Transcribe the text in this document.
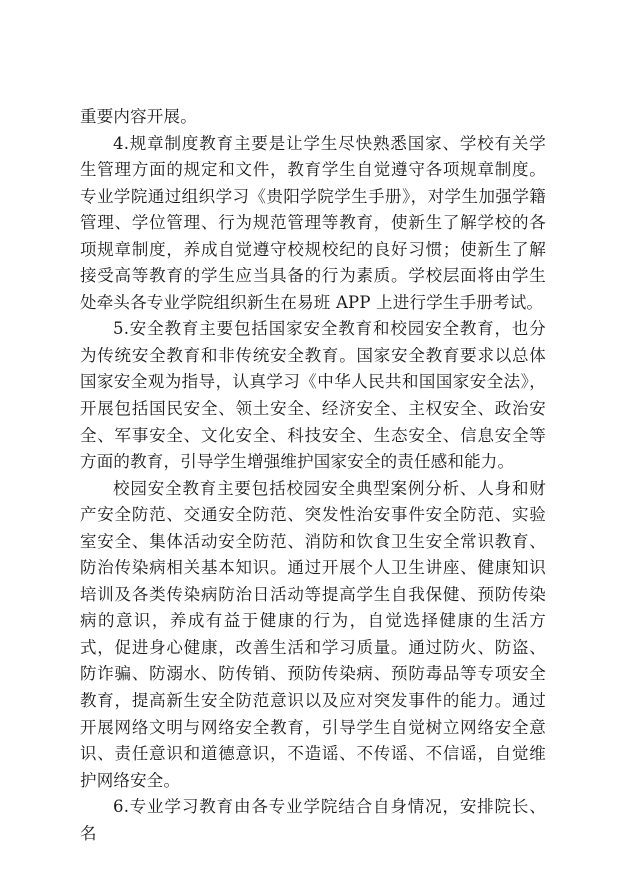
重要内容开展。

4.规章制度教育主要是让学生尽快熟悉国家、学校有关学生管理方面的规定和文件，教育学生自觉遵守各项规章制度。专业学院通过组织学习《贵阳学院学生手册》，对学生加强学籍管理、学位管理、行为规范管理等教育，使新生了解学校的各项规章制度，养成自觉遵守校规校纪的良好习惯；使新生了解接受高等教育的学生应当具备的行为素质。学校层面将由学生处牵头各专业学院组织新生在易班 APP 上进行学生手册考试。

5.安全教育主要包括国家安全教育和校园安全教育，也分为传统安全教育和非传统安全教育。国家安全教育要求以总体国家安全观为指导，认真学习《中华人民共和国国家安全法》，开展包括国民安全、领土安全、经济安全、主权安全、政治安全、军事安全、文化安全、科技安全、生态安全、信息安全等方面的教育，引导学生增强维护国家安全的责任感和能力。

校园安全教育主要包括校园安全典型案例分析、人身和财产安全防范、交通安全防范、突发性治安事件安全防范、实验室安全、集体活动安全防范、消防和饮食卫生安全常识教育、防治传染病相关基本知识。通过开展个人卫生讲座、健康知识培训及各类传染病防治日活动等提高学生自我保健、预防传染病的意识，养成有益于健康的行为，自觉选择健康的生活方式，促进身心健康，改善生活和学习质量。通过防火、防盗、防诈骗、防溺水、防传销、预防传染病、预防毒品等专项安全教育，提高新生安全防范意识以及应对突发事件的能力。通过开展网络文明与网络安全教育，引导学生自觉树立网络安全意识、责任意识和道德意识，不造谣、不传谣、不信谣，自觉维护网络安全。

6.专业学习教育由各专业学院结合自身情况，安排院长、名
